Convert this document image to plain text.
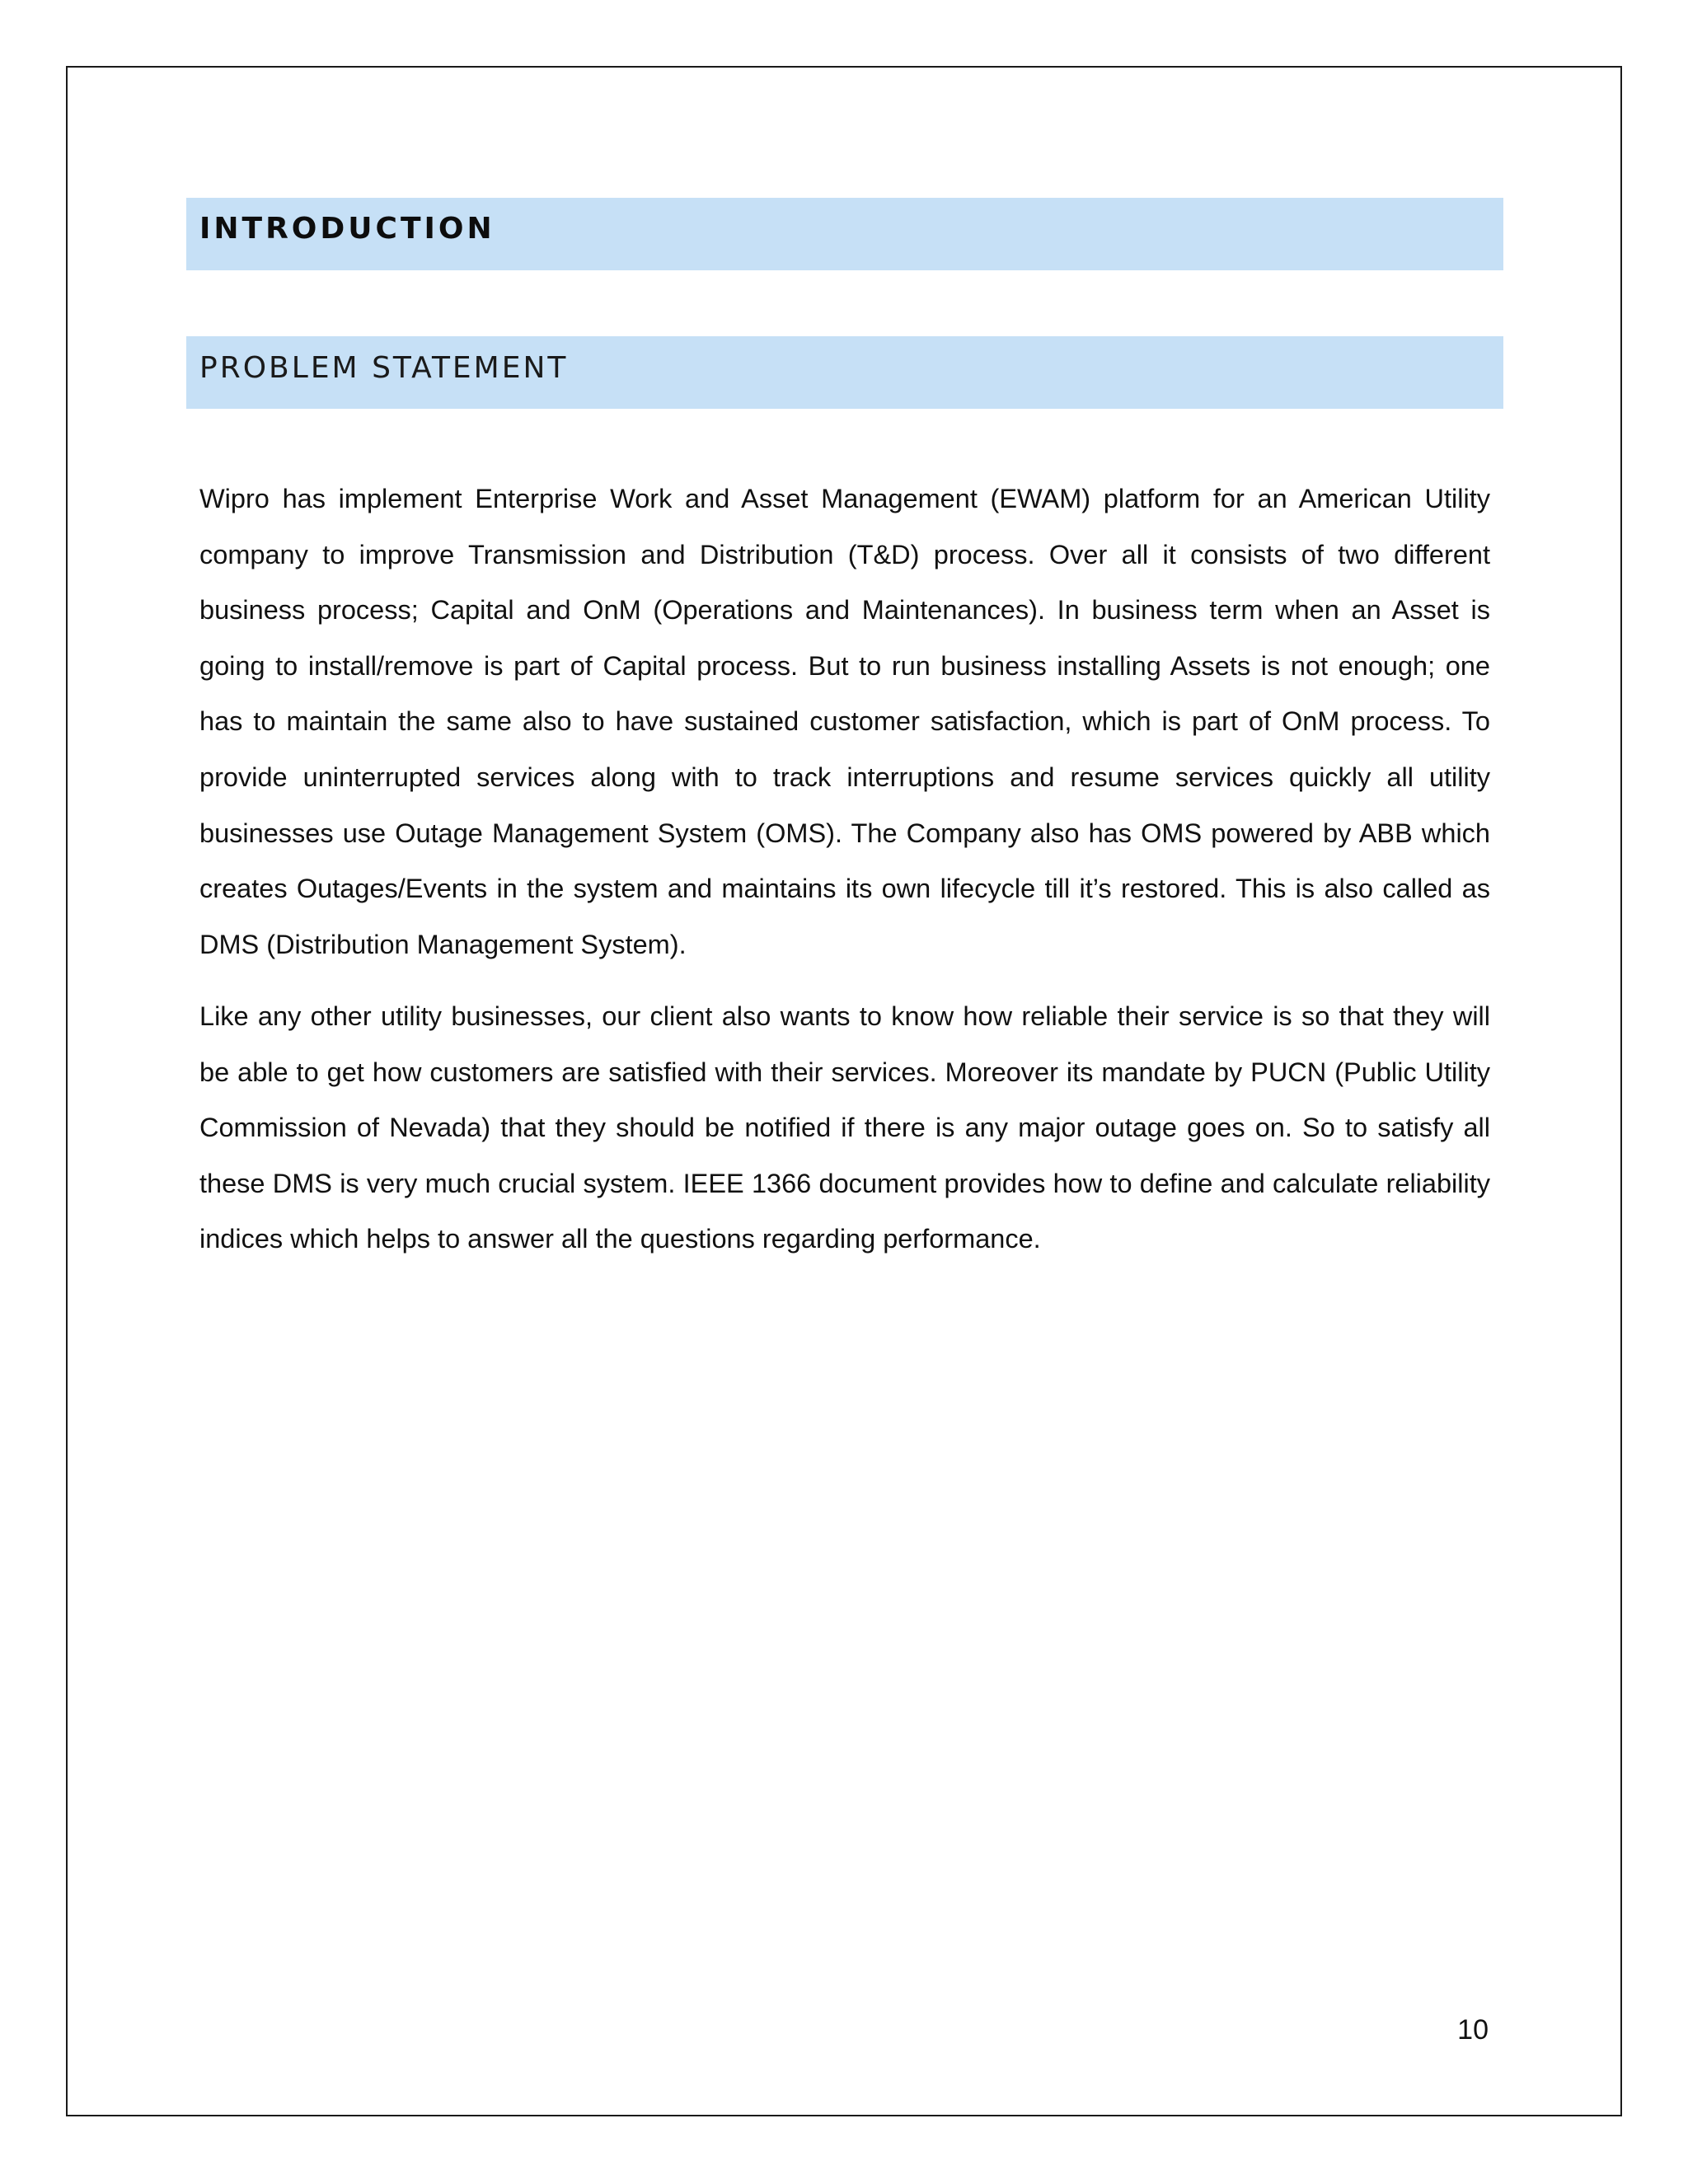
INTRODUCTION
PROBLEM STATEMENT

Wipro has implement Enterprise Work and Asset Management (EWAM) platform for an American Utility company to improve Transmission and Distribution (T&D) process. Over all it consists of two different business process; Capital and OnM (Operations and Maintenances). In business term when an Asset is going to install/remove is part of Capital process. But to run business installing Assets is not enough; one has to maintain the same also to have sustained customer satisfaction, which is part of OnM process. To provide uninterrupted services along with to track interruptions and resume services quickly all utility businesses use Outage Management System (OMS). The Company also has OMS powered by ABB which creates Outages/Events in the system and maintains its own lifecycle till it’s restored. This is also called as DMS (Distribution Management System).

Like any other utility businesses, our client also wants to know how reliable their service is so that they will be able to get how customers are satisfied with their services. Moreover its mandate by PUCN (Public Utility Commission of Nevada) that they should be notified if there is any major outage goes on. So to satisfy all these DMS is very much crucial system. IEEE 1366 document provides how to define and calculate reliability indices which helps to answer all the questions regarding performance.

10
